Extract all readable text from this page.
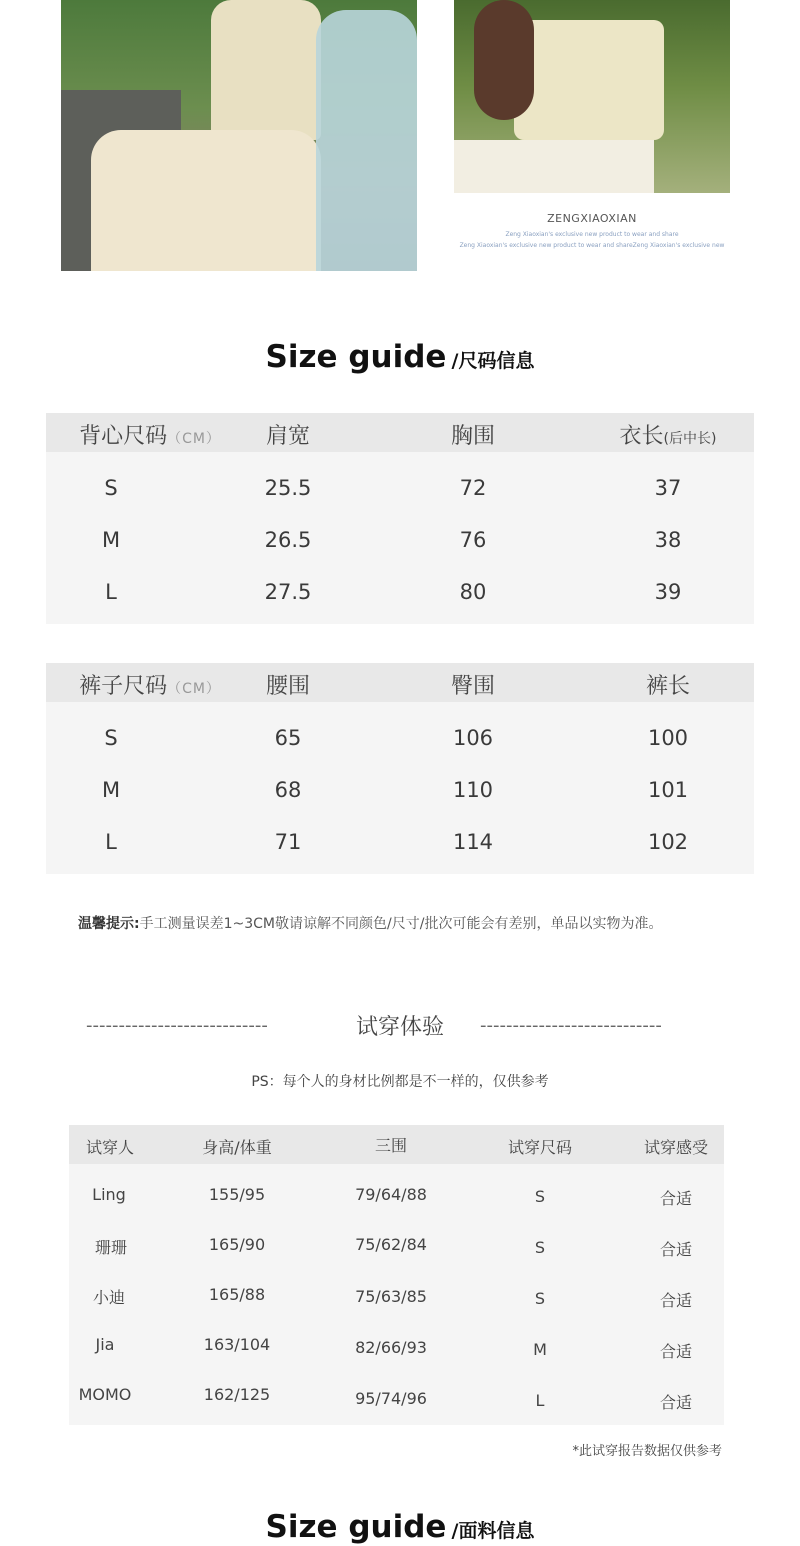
ZENGXIAOXIAN
Zeng Xiaoxian's exclusive new product to wear and share
Zeng Xiaoxian's exclusive new product to wear and shareZeng Xiaoxian's exclusive new
Size guide /尺码信息
背心尺码（CM） 肩宽	胸围	衣长(后中长)
S	25.5	72	37
M	26.5	76	38
L	27.5	80	39
裤子尺码（CM） 腰围	臀围	裤长
S	65	106	100
M	68	110	101
L	71	114	102
温馨提示:手工测量误差1~3CM敬请谅解不同颜色/尺寸/批次可能会有差别，单品以实物为准。
----------------------------	试穿体验	----------------------------
PS：每个人的身材比例都是不一样的，仅供参考
试穿人	身高/体重	三围	试穿尺码	试穿感受
Ling	155/95	79/64/88	S	合适
珊珊	165/90	75/62/84	S	合适
小迪	165/88	75/63/85	S	合适
Jia	163/104	82/66/93	M	合适
MOMO	162/125	95/74/96	L	合适
*此试穿报告数据仅供参考
Size guide /面料信息
